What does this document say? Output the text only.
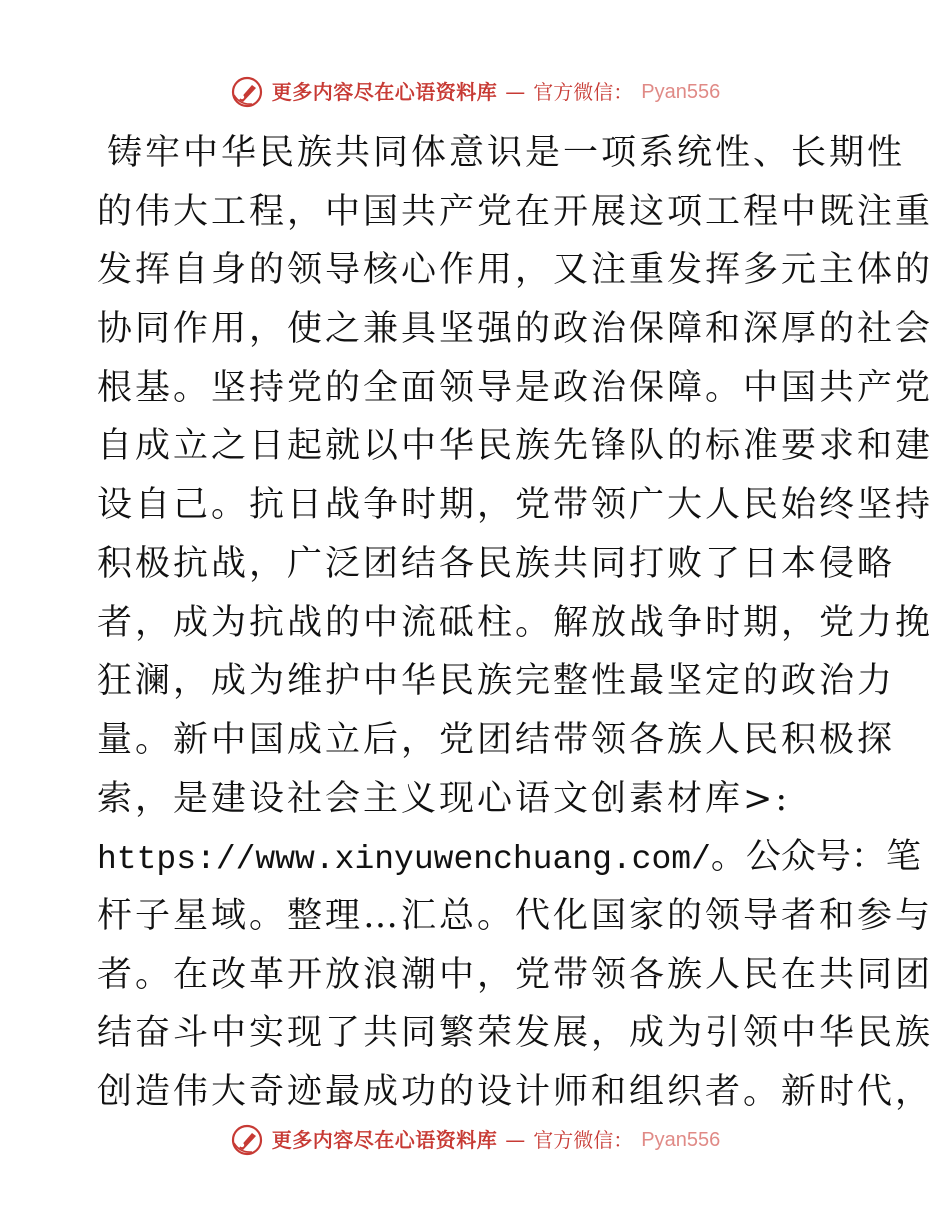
更多内容尽在心语资料库 — 官方微信： Pyan556
铸牢中华民族共同体意识是一项系统性、长期性
的伟大工程，中国共产党在开展这项工程中既注重
发挥自身的领导核心作用，又注重发挥多元主体的
协同作用，使之兼具坚强的政治保障和深厚的社会
根基。坚持党的全面领导是政治保障。中国共产党
自成立之日起就以中华民族先锋队的标准要求和建
设自己。抗日战争时期，党带领广大人民始终坚持
积极抗战，广泛团结各民族共同打败了日本侵略
者，成为抗战的中流砥柱。解放战争时期，党力挽
狂澜，成为维护中华民族完整性最坚定的政治力
量。新中国成立后，党团结带领各族人民积极探
索，是建设社会主义现心语文创素材库>:
https://www.xinyuwenchuang.com/。公众号：笔
杆子星域。整理…汇总。代化国家的领导者和参与
者。在改革开放浪潮中，党带领各族人民在共同团
结奋斗中实现了共同繁荣发展，成为引领中华民族
创造伟大奇迹最成功的设计师和组织者。新时代，
更多内容尽在心语资料库 — 官方微信： Pyan556
